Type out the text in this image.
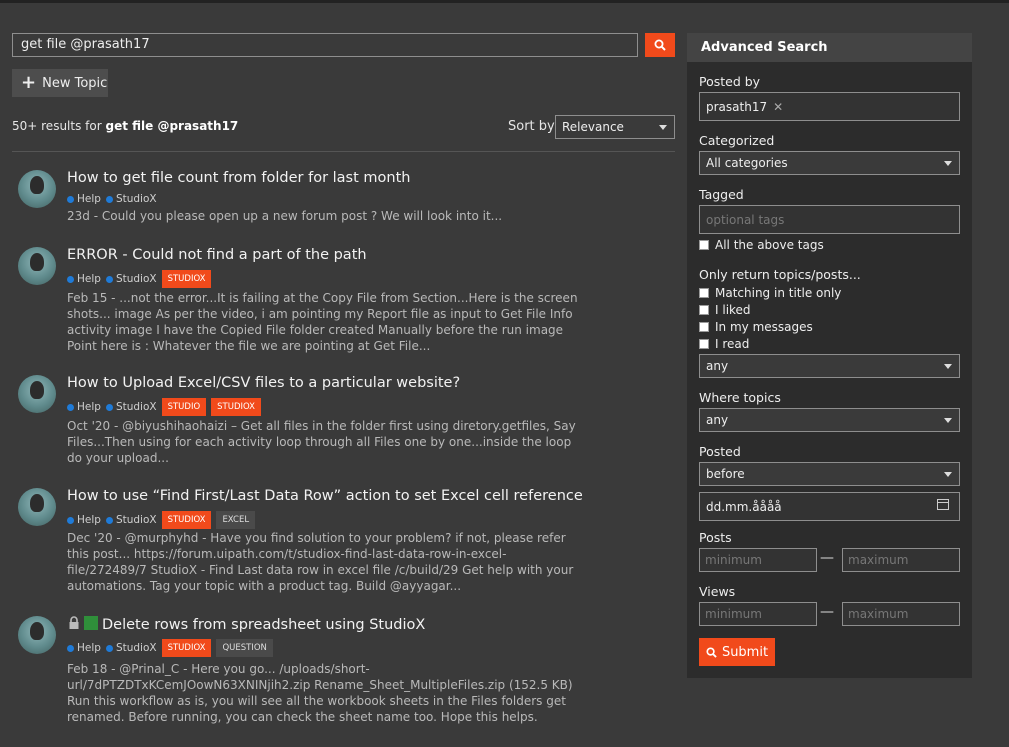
get file @prasath17
+ New Topic
50+ results for get file @prasath17	Sort by Relevance
How to get file count from folder for last month
Help StudioX
23d - Could you please open up a new forum post ? We will look into it...
ERROR - Could not find a part of the path
Help StudioX	STUDIOX
Feb 15 - ...not the error...It is failing at the Copy File from Section...Here is the screen shots... image As per the video, i am pointing my Report file as input to Get File Info activity image I have the Copied File folder created Manually before the run image Point here is : Whatever the file we are pointing at Get File...
How to Upload Excel/CSV files to a particular website?
Help StudioX	STUDIO	STUDIOX
Oct '20 - @biyushihaohaizi – Get all files in the folder first using diretory.getfiles, Say Files...Then using for each activity loop through all Files one by one...inside the loop do your upload...
How to use “Find First/Last Data Row” action to set Excel cell reference
Help StudioX	STUDIOX	EXCEL
Dec '20 - @murphyhd - Have you find solution to your problem? if not, please refer this post... https://forum.uipath.com/t/studiox-find-last-data-row-in-excel-file/272489/7 StudioX - Find Last data row in excel file /c/build/29 Get help with your automations. Tag your topic with a product tag. Build @ayyagar...
Delete rows from spreadsheet using StudioX
Help StudioX	STUDIOX	QUESTION
Feb 18 - @Prinal_C - Here you go... /uploads/short-url/7dPTZDTxKCemJOowN63XNINjih2.zip Rename_Sheet_MultipleFiles.zip (152.5 KB) Run this workflow as is, you will see all the workbook sheets in the Files folders get renamed. Before running, you can check the sheet name too. Hope this helps.
Advanced Search
Posted by
prasath17 ✕
Categorized
All categories
Tagged
optional tags
All the above tags
Only return topics/posts...
Matching in title only
I liked
In my messages
I read
any
Where topics
any
Posted
before
dd.mm.åååå
Posts
minimum	— maximum
Views
minimum	— maximum
Submit
